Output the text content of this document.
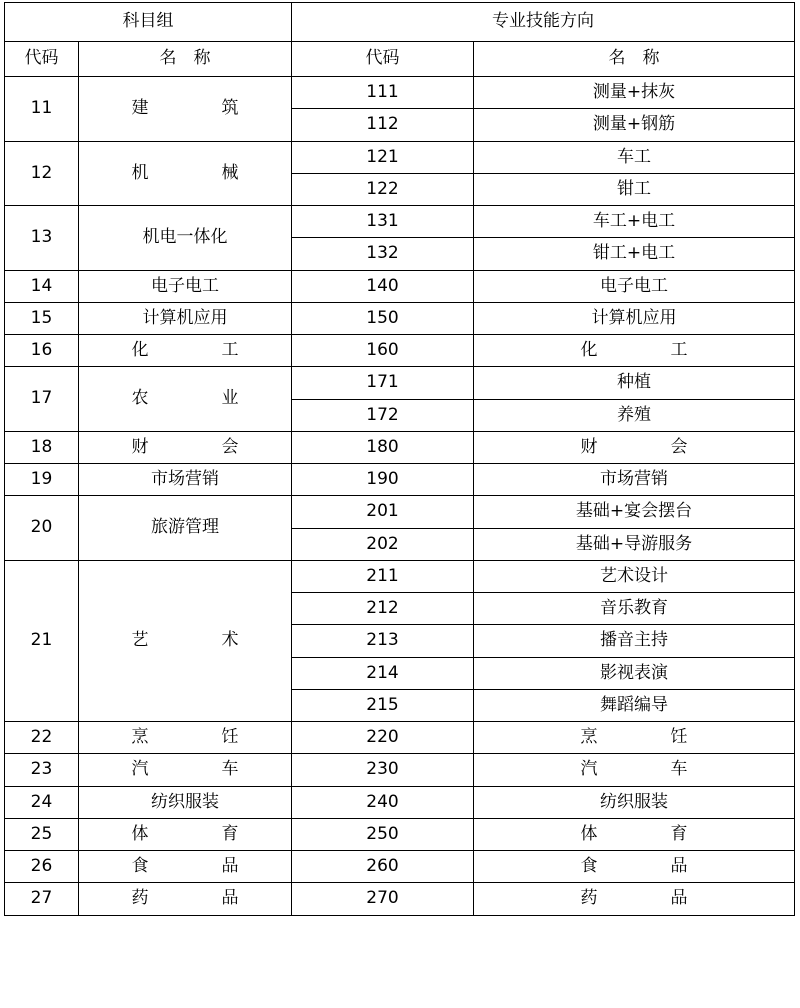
科目组		专业技能方向	
代码	名　称	代码	名　称
11	建　　筑	111	测量+抹灰
		112	测量+钢筋
12	机　　械	121	车工
		122	钳工
13	机电一体化	131	车工+电工
		132	钳工+电工
14	电子电工	140	电子电工
15	计算机应用	150	计算机应用
16	化　　工	160	化　　工
17	农　　业	171	种植
		172	养殖
18	财　　会	180	财　　会
19	市场营销	190	市场营销
20	旅游管理	201	基础+宴会摆台
		202	基础+导游服务
21	艺　　术	211	艺术设计
		212	音乐教育
		213	播音主持
		214	影视表演
		215	舞蹈编导
22	烹　　饪	220	烹　　饪
23	汽　　车	230	汽　　车
24	纺织服装	240	纺织服装
25	体　　育	250	体　　育
26	食　　品	260	食　　品
27	药　　品	270	药　　品
